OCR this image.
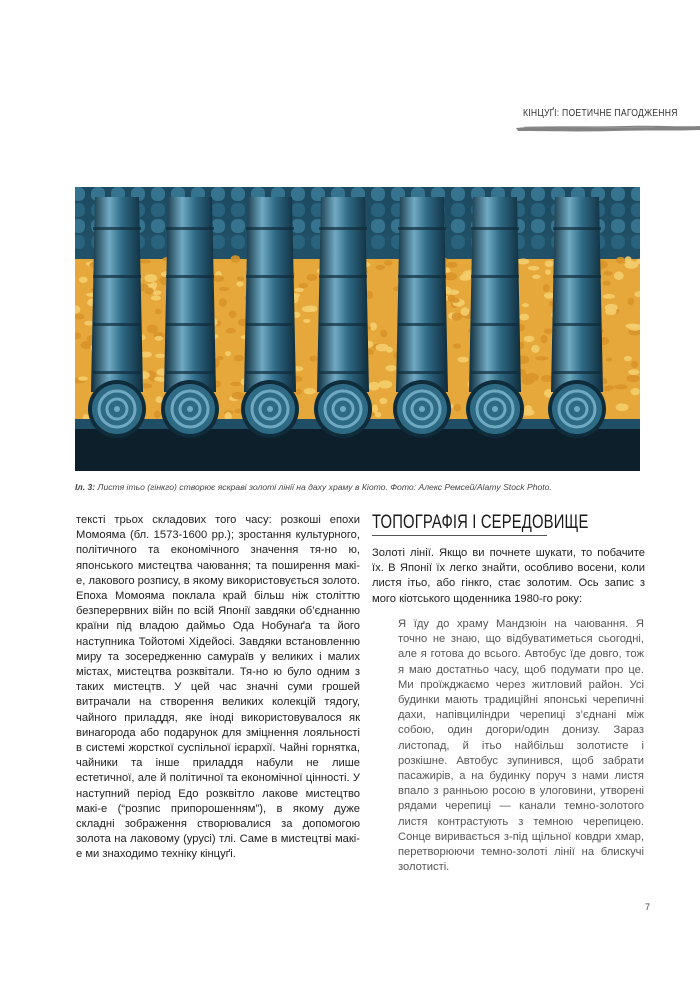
КІНЦУҐІ: ПОЕТИЧНЕ ПАГОДЖЕННЯ
Іл. 3: Листя ітьо (гінкго) створює яскраві золоті лінії на даху храму в Кіото. Фото: Алекс Ремсей/Alamy Stock Photo.

тексті трьох складових того часу: розкоші епохи Момояма (бл. 1573-1600 рр.); зростання культурного, політичного та економічного значення тя-но ю, японського мистецтва чаювання; та поширення макі-е, лакового розпису, в якому використовується золото. Епоха Момояма поклала край більш ніж століттю безперервних війн по всій Японії завдяки об’єднанню країни під владою даймьо Ода Нобунаґа та його наступника Тойотомі Хідейосі. Завдяки встановленню миру та зосередженню самураїв у великих і малих містах, мистецтва розквітали. Тя-но ю було одним з таких мистецтв. У цей час значні суми грошей витрачали на створення великих колекцій тядогу, чайного приладдя, яке іноді використовувалося як винагорода або подарунок для зміцнення лояльності в системі жорсткої суспільної ієрархії. Чайні горнятка, чайники та інше приладдя набули не лише естетичної, але й політичної та економічної цінності. У наступний період Едо розквітло лакове мистецтво макі-е (“розпис припорошенням”), в якому дуже складні зображення створювалися за допомогою золота на лаковому (урусі) тлі. Саме в мистецтві макі-е ми знаходимо техніку кінцуґі.

ТОПОГРАФІЯ І СЕРЕДОВИЩЕ

Золоті лінії. Якщо ви почнете шукати, то побачите їх. В Японії їх легко знайти, особливо восени, коли листя ітьо, або гінкго, стає золотим. Ось запис з мого кіотського щоденника 1980-го року:

Я їду до храму Мандзюін на чаювання. Я точно не знаю, що відбуватиметься сьогодні, але я готова до всього. Автобус їде довго, тож я маю достатньо часу, щоб подумати про це. Ми проїжджаємо через житловий район. Усі будинки мають традиційні японські черепичні дахи, напівциліндри черепиці з’єднані між собою, один догори/один донизу. Зараз листопад, й ітьо найбільш золотисте і розкішне. Автобус зупинився, щоб забрати пасажирів, а на будинку поруч з нами листя впало з ранньою росою в улоговини, утворені рядами черепиці — канали темно-золотого листя контрастують з темною черепицею. Сонце виривається з-під щільної ковдри хмар, перетворюючи темно-золоті лінії на блискучі золотисті.

7
